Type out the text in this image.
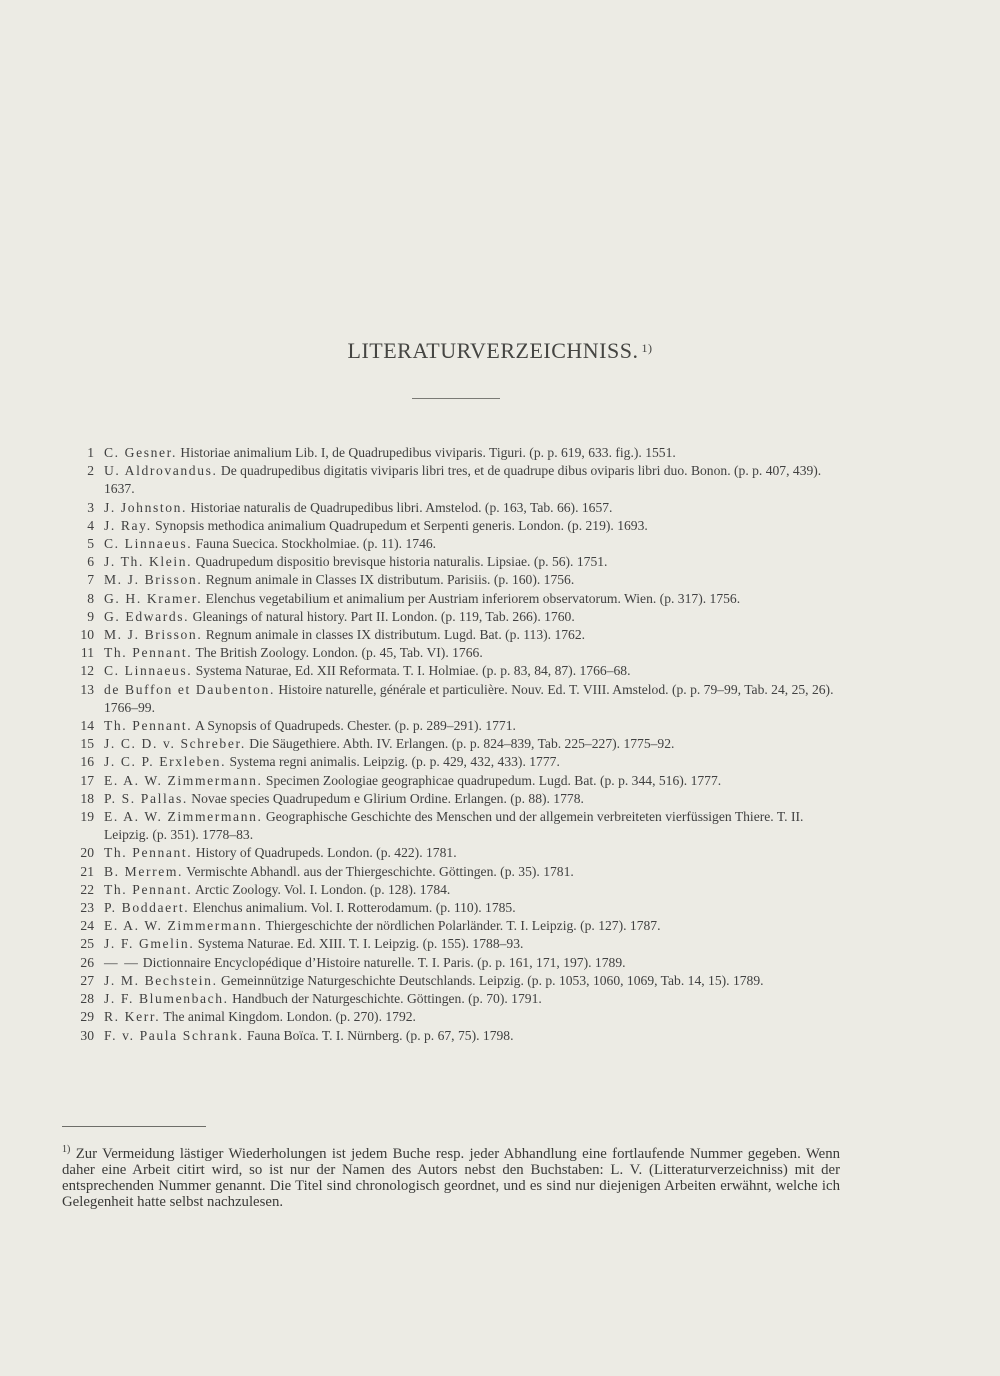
LITERATURVERZEICHNISS. $^{1)}$
1 C. Gesner. Historiae animalium Lib. I, de Quadrupedibus viviparis. Tiguri. (p. p. 619, 633. fig.). 1551.
2 U. Aldrovandus. De quadrupedibus digitatis viviparis libri tres, et de quadrupe dibus oviparis libri duo. Bonon. (p. p. 407, 439). 1637.
3 J. Johnston. Historiae naturalis de Quadrupedibus libri. Amstelod. (p. 163, Tab. 66). 1657.
4 J. Ray. Synopsis methodica animalium Quadrupedum et Serpenti generis. London. (p. 219). 1693.
5 C. Linnaeus. Fauna Suecica. Stockholmiae. (p. 11). 1746.
6 J. Th. Klein. Quadrupedum dispositio brevisque historia naturalis. Lipsiae. (p. 56). 1751.
7 M. J. Brisson. Regnum animale in Classes IX distributum. Parisiis. (p. 160). 1756.
8 G. H. Kramer. Elenchus vegetabilium et animalium per Austriam inferiorem observatorum. Wien. (p. 317). 1756.
9 G. Edwards. Gleanings of natural history. Part II. London. (p. 119, Tab. 266). 1760.
10 M. J. Brisson. Regnum animale in classes IX distributum. Lugd. Bat. (p. 113). 1762.
11 Th. Pennant. The British Zoology. London. (p. 45, Tab. VI). 1766.
12 C. Linnaeus. Systema Naturae, Ed. XII Reformata. T. I. Holmiae. (p. p. 83, 84, 87). 1766–68.
13 de Buffon et Daubenton. Histoire naturelle, générale et particulière. Nouv. Ed. T. VIII. Amstelod. (p. p. 79–99, Tab. 24, 25, 26). 1766–99.
14 Th. Pennant. A Synopsis of Quadrupeds. Chester. (p. p. 289–291). 1771.
15 J. C. D. v. Schreber. Die Säugethiere. Abth. IV. Erlangen. (p. p. 824–839, Tab. 225–227). 1775–92.
16 J. C. P. Erxleben. Systema regni animalis. Leipzig. (p. p. 429, 432, 433). 1777.
17 E. A. W. Zimmermann. Specimen Zoologiae geographicae quadrupedum. Lugd. Bat. (p. p. 344, 516). 1777.
18 P. S. Pallas. Novae species Quadrupedum e Glirium Ordine. Erlangen. (p. 88). 1778.
19 E. A. W. Zimmermann. Geographische Geschichte des Menschen und der allgemein verbreiteten vierfüssigen Thiere. T. II. Leipzig. (p. 351). 1778–83.
20 Th. Pennant. History of Quadrupeds. London. (p. 422). 1781.
21 B. Merrem. Vermischte Abhandl. aus der Thiergeschichte. Göttingen. (p. 35). 1781.
22 Th. Pennant. Arctic Zoology. Vol. I. London. (p. 128). 1784.
23 P. Boddaert. Elenchus animalium. Vol. I. Rotterodamum. (p. 110). 1785.
24 E. A. W. Zimmermann. Thiergeschichte der nördlichen Polarländer. T. I. Leipzig. (p. 127). 1787.
25 J. F. Gmelin. Systema Naturae. Ed. XIII. T. I. Leipzig. (p. 155). 1788–93.
26 — — Dictionnaire Encyclopédique d’Histoire naturelle. T. I. Paris. (p. p. 161, 171, 197). 1789.
27 J. M. Bechstein. Gemeinnützige Naturgeschichte Deutschlands. Leipzig. (p. p. 1053, 1060, 1069, Tab. 14, 15). 1789.
28 J. F. Blumenbach. Handbuch der Naturgeschichte. Göttingen. (p. 70). 1791.
29 R. Kerr. The animal Kingdom. London. (p. 270). 1792.
30 F. v. Paula Schrank. Fauna Boïca. T. I. Nürnberg. (p. p. 67, 75). 1798.
$^{1)}$ Zur Vermeidung lästiger Wiederholungen ist jedem Buche resp. jeder Abhandlung eine fortlaufende Nummer gegeben. Wenn daher eine Arbeit citirt wird, so ist nur der Namen des Autors nebst den Buchstaben: L. V. (Litteraturverzeichniss) mit der entsprechenden Nummer genannt. Die Titel sind chronologisch geordnet, und es sind nur diejenigen Arbeiten erwähnt, welche ich Gelegenheit hatte selbst nachzulesen.
